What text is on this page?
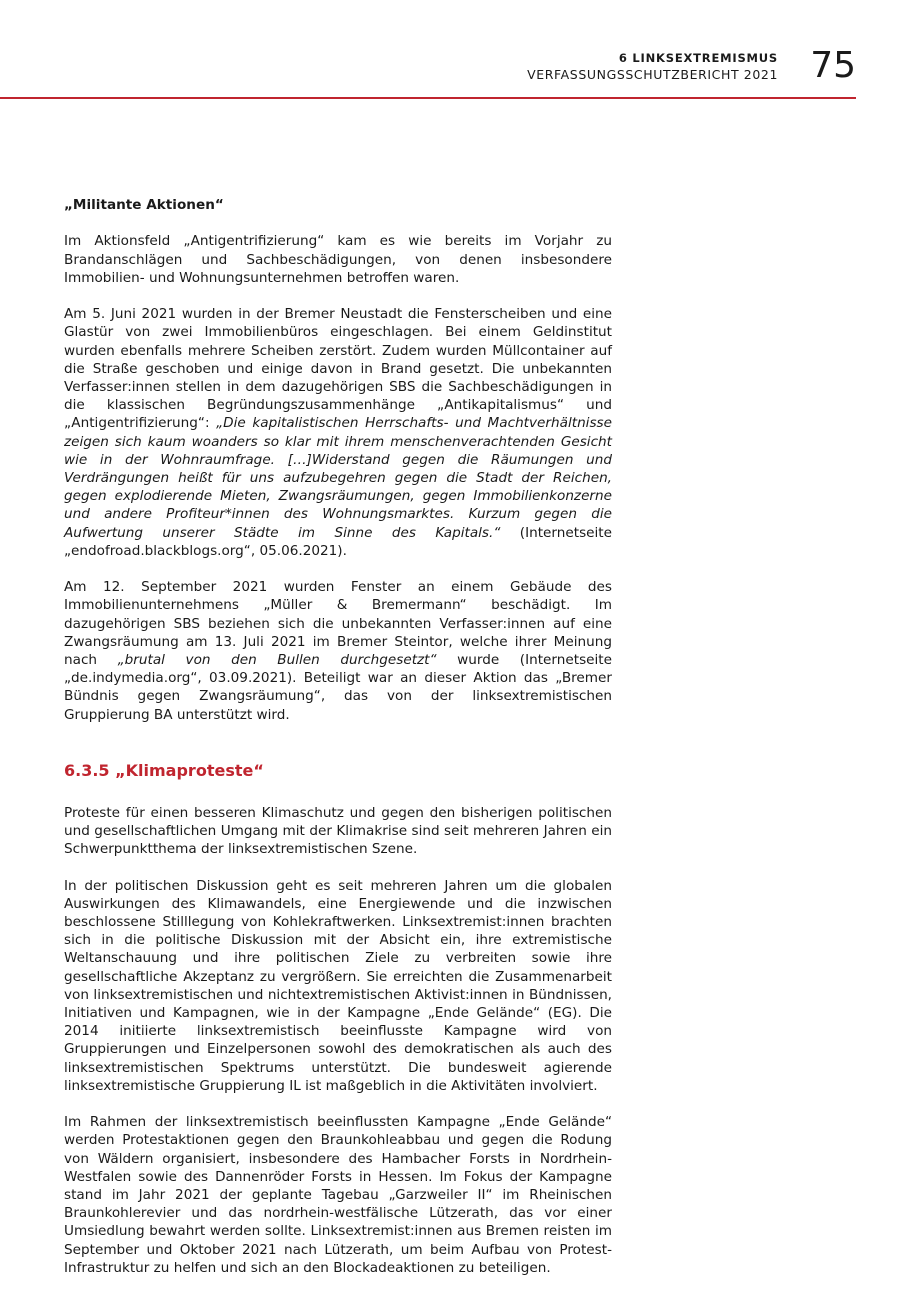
6 LINKSEXTREMISMUS
VERFASSUNGSSCHUTZBERICHT 2021 75

„Militante Aktionen“

Im Aktionsfeld „Antigentrifizierung“ kam es wie bereits im Vorjahr zu Brandanschlägen und Sachbeschädigungen, von denen insbesondere Immobilien- und Wohnungsunternehmen betroffen waren.

Am 5. Juni 2021 wurden in der Bremer Neustadt die Fensterscheiben und eine Glastür von zwei Immobilienbüros eingeschlagen. Bei einem Geldinstitut wurden ebenfalls mehrere Scheiben zerstört. Zudem wurden Müllcontainer auf die Straße geschoben und einige davon in Brand gesetzt. Die unbekannten Verfasser:innen stellen in dem dazugehörigen SBS die Sachbeschädigungen in die klassischen Begründungszusammenhänge „Antikapitalismus“ und „Antigentrifizierung“: „Die kapitalistischen Herrschafts- und Machtverhältnisse zeigen sich kaum woanders so klar mit ihrem menschenverachtenden Gesicht wie in der Wohnraumfrage. […]Widerstand gegen die Räumungen und Verdrängungen heißt für uns aufzubegehren gegen die Stadt der Reichen, gegen explodierende Mieten, Zwangsräumungen, gegen Immobilienkonzerne und andere Profiteur*innen des Wohnungsmarktes. Kurzum gegen die Aufwertung unserer Städte im Sinne des Kapitals.“ (Internetseite „endofroad.blackblogs.org“, 05.06.2021).

Am 12. September 2021 wurden Fenster an einem Gebäude des Immobilienunternehmens „Müller & Bremermann“ beschädigt. Im dazugehörigen SBS beziehen sich die unbekannten Verfasser:innen auf eine Zwangsräumung am 13. Juli 2021 im Bremer Steintor, welche ihrer Meinung nach „brutal von den Bullen durchgesetzt“ wurde (Internetseite „de.indymedia.org“, 03.09.2021). Beteiligt war an dieser Aktion das „Bremer Bündnis gegen Zwangsräumung“, das von der linksextremistischen Gruppierung BA unterstützt wird.

6.3.5 „Klimaproteste“

Proteste für einen besseren Klimaschutz und gegen den bisherigen politischen und gesellschaftlichen Umgang mit der Klimakrise sind seit mehreren Jahren ein Schwerpunktthema der linksextremistischen Szene.

In der politischen Diskussion geht es seit mehreren Jahren um die globalen Auswirkungen des Klimawandels, eine Energiewende und die inzwischen beschlossene Stilllegung von Kohlekraftwerken. Linksextremist:innen brachten sich in die politische Diskussion mit der Absicht ein, ihre extremistische Weltanschauung und ihre politischen Ziele zu verbreiten sowie ihre gesellschaftliche Akzeptanz zu vergrößern. Sie erreichten die Zusammenarbeit von linksextremistischen und nichtextremistischen Aktivist:innen in Bündnissen, Initiativen und Kampagnen, wie in der Kampagne „Ende Gelände“ (EG). Die 2014 initiierte linksextremistisch beeinflusste Kampagne wird von Gruppierungen und Einzelpersonen sowohl des demokratischen als auch des linksextremistischen Spektrums unterstützt. Die bundesweit agierende linksextremistische Gruppierung IL ist maßgeblich in die Aktivitäten involviert.

Im Rahmen der linksextremistisch beeinflussten Kampagne „Ende Gelände“ werden Protestaktionen gegen den Braunkohleabbau und gegen die Rodung von Wäldern organisiert, insbesondere des Hambacher Forsts in Nordrhein-Westfalen sowie des Dannenröder Forsts in Hessen. Im Fokus der Kampagne stand im Jahr 2021 der geplante Tagebau „Garzweiler II“ im Rheinischen Braunkohlerevier und das nordrhein-westfälische Lützerath, das vor einer Umsiedlung bewahrt werden sollte. Linksextremist:innen aus Bremen reisten im September und Oktober 2021 nach Lützerath, um beim Aufbau von Protest-Infrastruktur zu helfen und sich an den Blockadeaktionen zu beteiligen.
